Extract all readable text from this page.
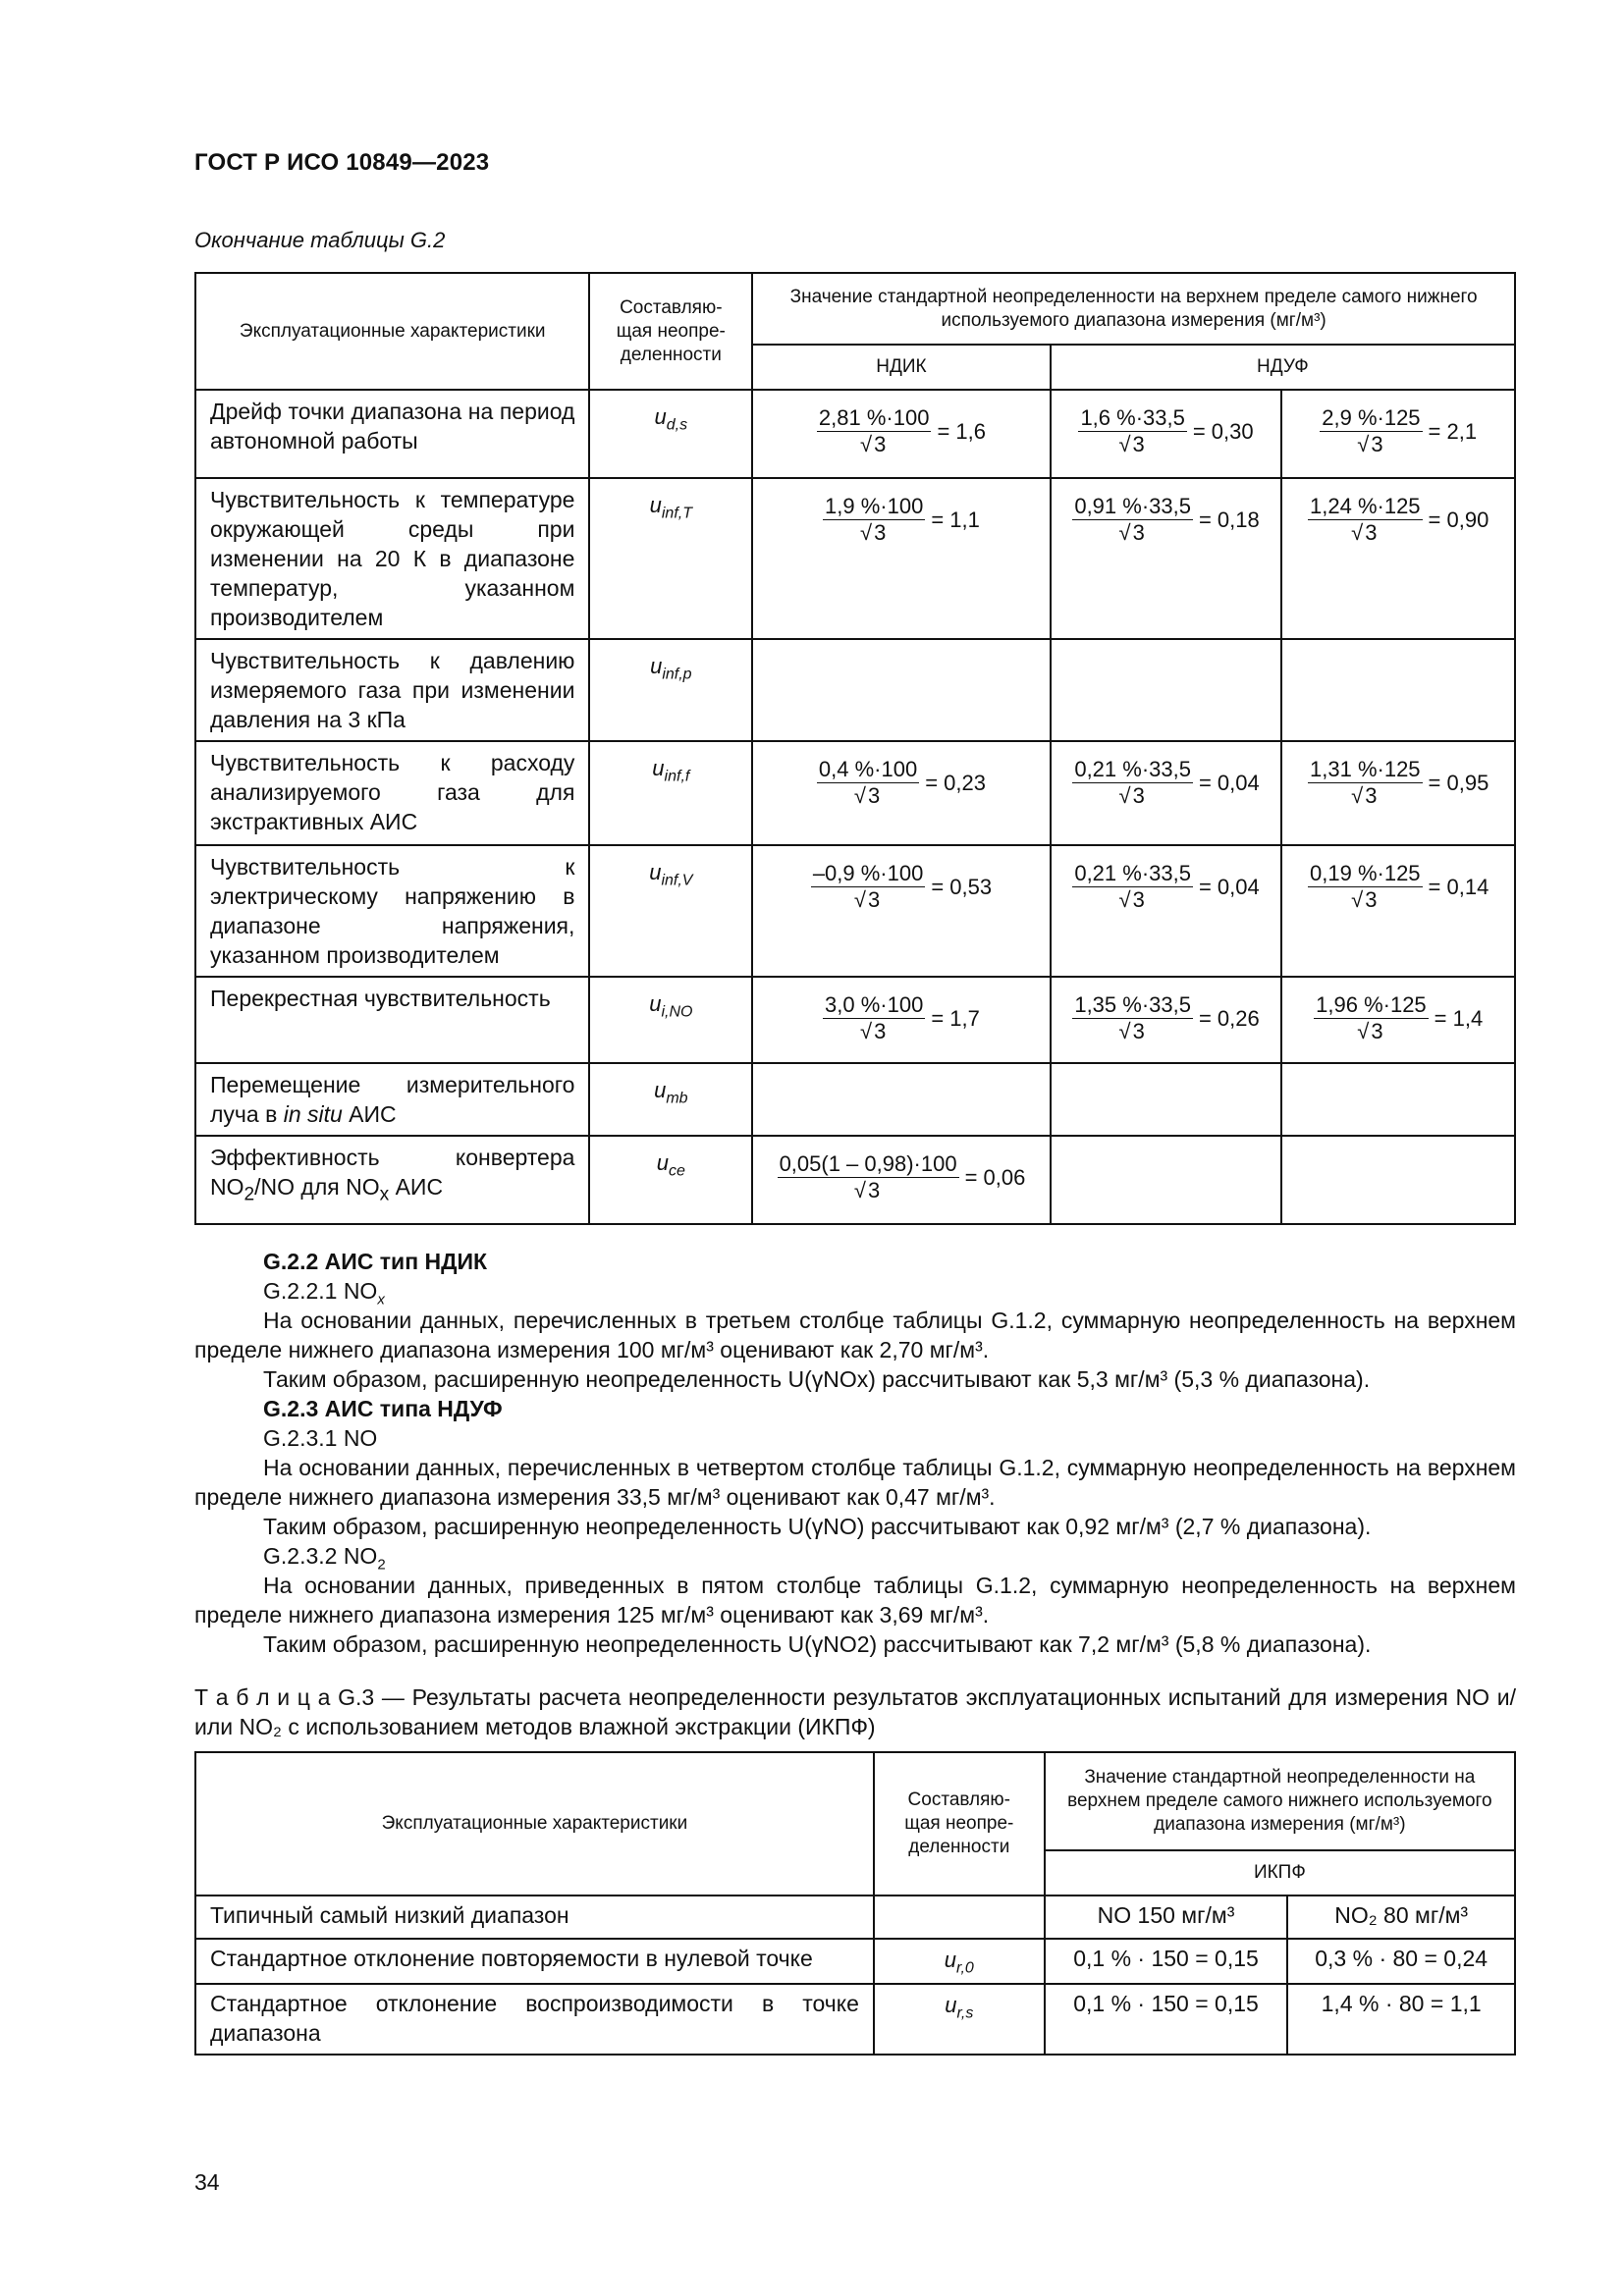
ГОСТ Р ИСО 10849—2023
Окончание таблицы G.2
Эксплуатационные характеристики	Составляю-
щая неопре-
деленности	Значение стандартной неопределенности на верхнем пределе самого нижнего используемого диапазона измерения (мг/м³)		
		НДИК	НДУФ	
Дрейф точки диапазона на период автономной работы	$u_{d,s}$	$\frac{2,81 \%\cdot 100}{√3} = 1,6$	$\frac{1,6 \%\cdot 33,5}{√3} = 0,30$	$\frac{2,9 \%\cdot 125}{√3} = 2,1$

Чувствительность к температуре окружающей среды при изменении на 20 К в диапазоне температур, указанном производителем	$u_{inf,T}$	$\frac{1,9 \%\cdot 100}{√3} = 1,1$	$\frac{0,91 \%\cdot 33,5}{√3} = 0,18$	$\frac{1,24 \%\cdot 125}{√3} = 0,90$

Чувствительность к давлению измеряемого газа при изменении давления на 3 кПа	$u_{inf,p}$			
Чувствительность к расходу анализируемого газа для экстрактивных АИС	$u_{inf,f}$	$\frac{0,4 \%\cdot 100}{√3} = 0,23$	$\frac{0,21 \%\cdot 33,5}{√3} = 0,04$	$\frac{1,31 \%\cdot 125}{√3} = 0,95$

Чувствительность к электрическому напряжению в диапазоне напряжения, указанном производителем	$u_{inf,V}$	$\frac{-0,9 \%\cdot 100}{√3} = 0,53$	$\frac{0,21 \%\cdot 33,5}{√3} = 0,04$	$\frac{0,19 \%\cdot 125}{√3} = 0,14$

Перекрестная чувствительность	$u_{i,NO}$	$\frac{3,0 \%\cdot 100}{√3} = 1,7$	$\frac{1,35 \%\cdot 33,5}{√3} = 0,26$	$\frac{1,96 \%\cdot 125}{√3} = 1,4$

Перемещение измерительного луча в in situ АИС	$u_{mb}$			
Эффективность конвертера $NO_2/NO$ для $NO_x$ АИС	$u_{ce}$	$\frac{0,05(1 - 0,98)\cdot 100}{√3} = 0,06$		

G.2.2 АИС тип НДИК
G.2.2.1 $NO_x$
На основании данных, перечисленных в третьем столбце таблицы G.1.2, суммарную неопределенность на верхнем пределе нижнего диапазона измерения 100 мг/м³ оценивают как 2,70 мг/м³.
Таким образом, расширенную неопределенность U(γNOx) рассчитывают как 5,3 мг/м³ (5,3 % диапазона).
G.2.3 АИС типа НДУФ
G.2.3.1 NO
На основании данных, перечисленных в четвертом столбце таблицы G.1.2, суммарную неопределенность на верхнем пределе нижнего диапазона измерения 33,5 мг/м³ оценивают как 0,47 мг/м³.
Таким образом, расширенную неопределенность U(γNO) рассчитывают как 0,92 мг/м³ (2,7 % диапазона).
G.2.3.2 $NO_2$
На основании данных, приведенных в пятом столбце таблицы G.1.2, суммарную неопределенность на верхнем пределе нижнего диапазона измерения 125 мг/м³ оценивают как 3,69 мг/м³.
Таким образом, расширенную неопределенность U(γNO2) рассчитывают как 7,2 мг/м³ (5,8 % диапазона).
Т а б л и ц а G.3 — Результаты расчета неопределенности результатов эксплуатационных испытаний для измерения NO и/или NO₂ с использованием методов влажной экстракции (ИКПФ)
Эксплуатационные характеристики	Составляю-
щая неопре-
деленности	Значение стандартной неопределенности на верхнем пределе самого нижнего используемого диапазона измерения (мг/м³)	
		ИКПФ	
Типичный самый низкий диапазон		NO 150 мг/м³	NO₂ 80 мг/м³
Стандартное отклонение повторяемости в нулевой точке	$u_{r,0}$	0,1 % · 150 = 0,15	0,3 % · 80 = 0,24
Стандартное отклонение воспроизводимости в точке диапазона	$u_{r,s}$	0,1 % · 150 = 0,15	1,4 % · 80 = 1,1
34
